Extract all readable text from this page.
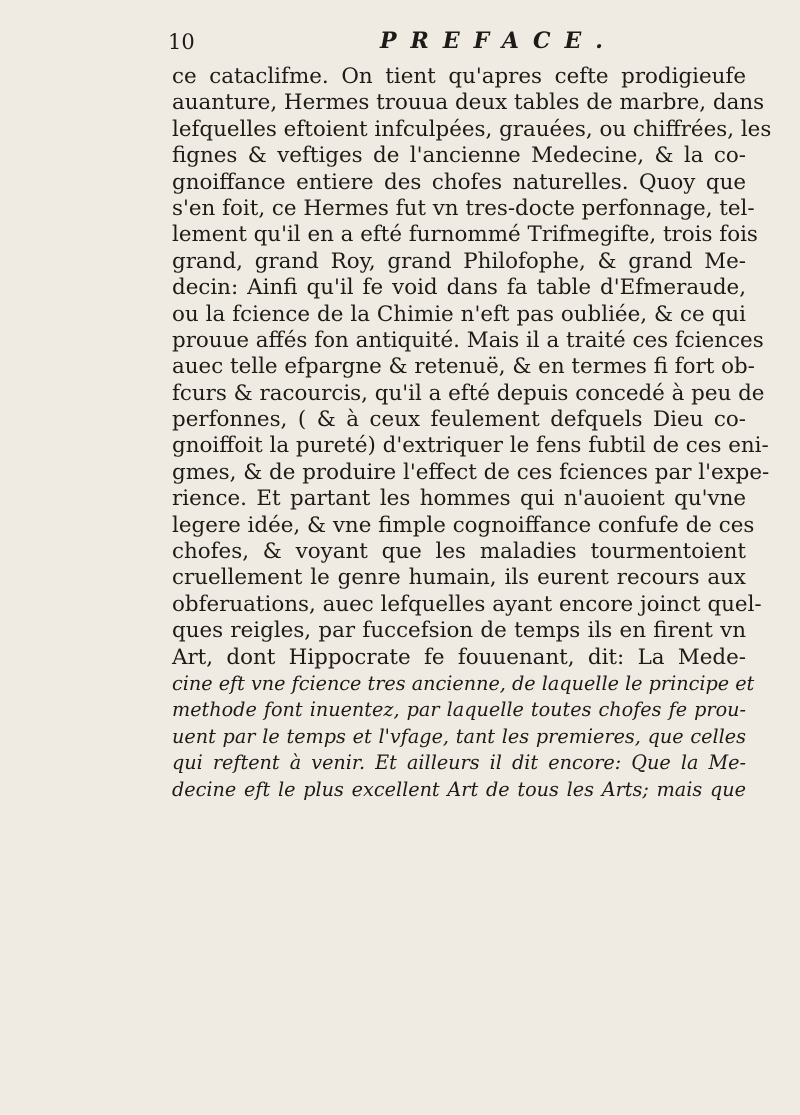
10	PREFACE.
ce cataclifme. On tient qu'apres cefte prodigieufe
auanture, Hermes trouua deux tables de marbre, dans
lefquelles eftoient infculpées, grauées, ou chiffrées, les
fignes & veftiges de l'ancienne Medecine, & la co-
gnoiffance entiere des chofes naturelles. Quoy que
s'en foit, ce Hermes fut vn tres-docte perfonnage, tel-
lement qu'il en a efté furnommé Trifmegifte, trois fois
grand, grand Roy, grand Philofophe, & grand Me-
decin: Ainfi qu'il fe void dans fa table d'Efmeraude,
ou la fcience de la Chimie n'eft pas oubliée, & ce qui
prouue affés fon antiquité. Mais il a traité ces fciences
auec telle efpargne & retenuë, & en termes fi fort ob-
fcurs & racourcis, qu'il a efté depuis concedé à peu de
perfonnes, ( & à ceux feulement defquels Dieu co-
gnoiffoit la pureté) d'extriquer le fens fubtil de ces eni-
gmes, & de produire l'effect de ces fciences par l'expe-
rience. Et partant les hommes qui n'auoient qu'vne
legere idée, & vne fimple cognoiffance confufe de ces
chofes, & voyant que les maladies tourmentoient
cruellement le genre humain, ils eurent recours aux
obferuations, auec lefquelles ayant encore joinct quel-
ques reigles, par fuccefsion de temps ils en firent vn
Art, dont Hippocrate fe fouuenant, dit: La Mede-
cine eft vne fcience tres ancienne, de laquelle le principe et
methode font inuentez, par laquelle toutes chofes fe prou-
uent par le temps et l'vfage, tant les premieres, que celles
qui reftent à venir. Et ailleurs il dit encore: Que la Me-
decine eft le plus excellent Art de tous les Arts; mais que
